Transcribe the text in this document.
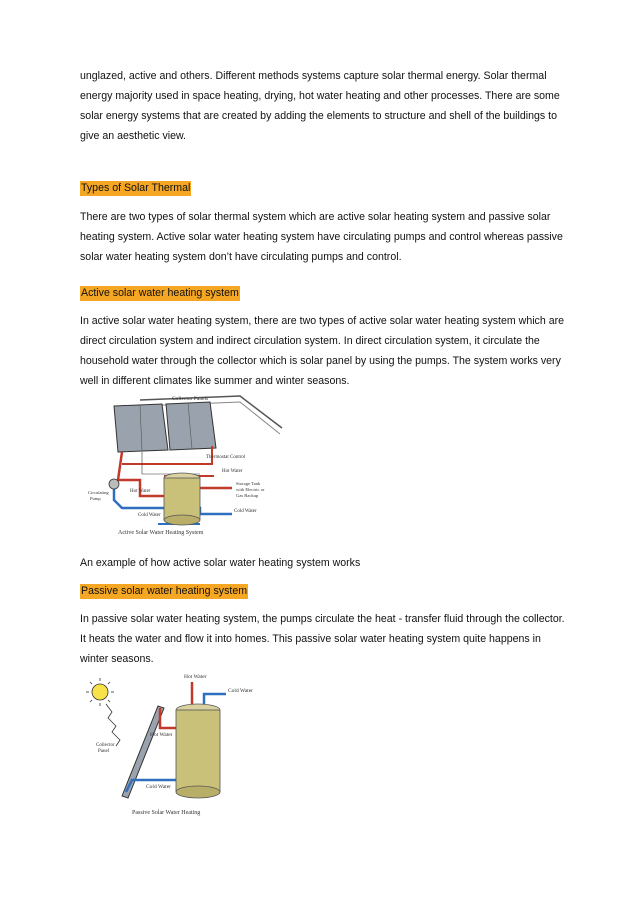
unglazed, active and others. Different methods systems capture solar thermal energy. Solar thermal energy majority used in space heating, drying, hot water heating and other processes. There are some solar energy systems that are created by adding the elements to structure and shell of the buildings to give an aesthetic view.

Types of Solar Thermal

There are two types of solar thermal system which are active solar heating system and passive solar heating system. Active solar water heating system have circulating pumps and control whereas passive solar water heating system don’t have circulating pumps and control.

Active solar water heating system

In active solar water heating system, there are two types of active solar water heating system which are direct circulation system and indirect circulation system. In direct circulation system, it circulate the household water through the collector which is solar panel by using the pumps. The system works very well in different climates like summer and winter seasons.

Collector Panels
Thermostat Control
Hot Water
Storage Tank
with Electric or
Gas Backup
Circulating
Pump
Hot Water
Cold Water
Cold Water
Active Solar Water Heating System

An example of how active solar water heating system works

Passive solar water heating system

In passive solar water heating system, the pumps circulate the heat - transfer fluid through the collector. It heats the water and flow it into homes. This passive solar water heating system quite happens in winter seasons.

Hot Water
Cold Water
Hot Water
Collector
Panel
Cold Water
Passive Solar Water Heating
